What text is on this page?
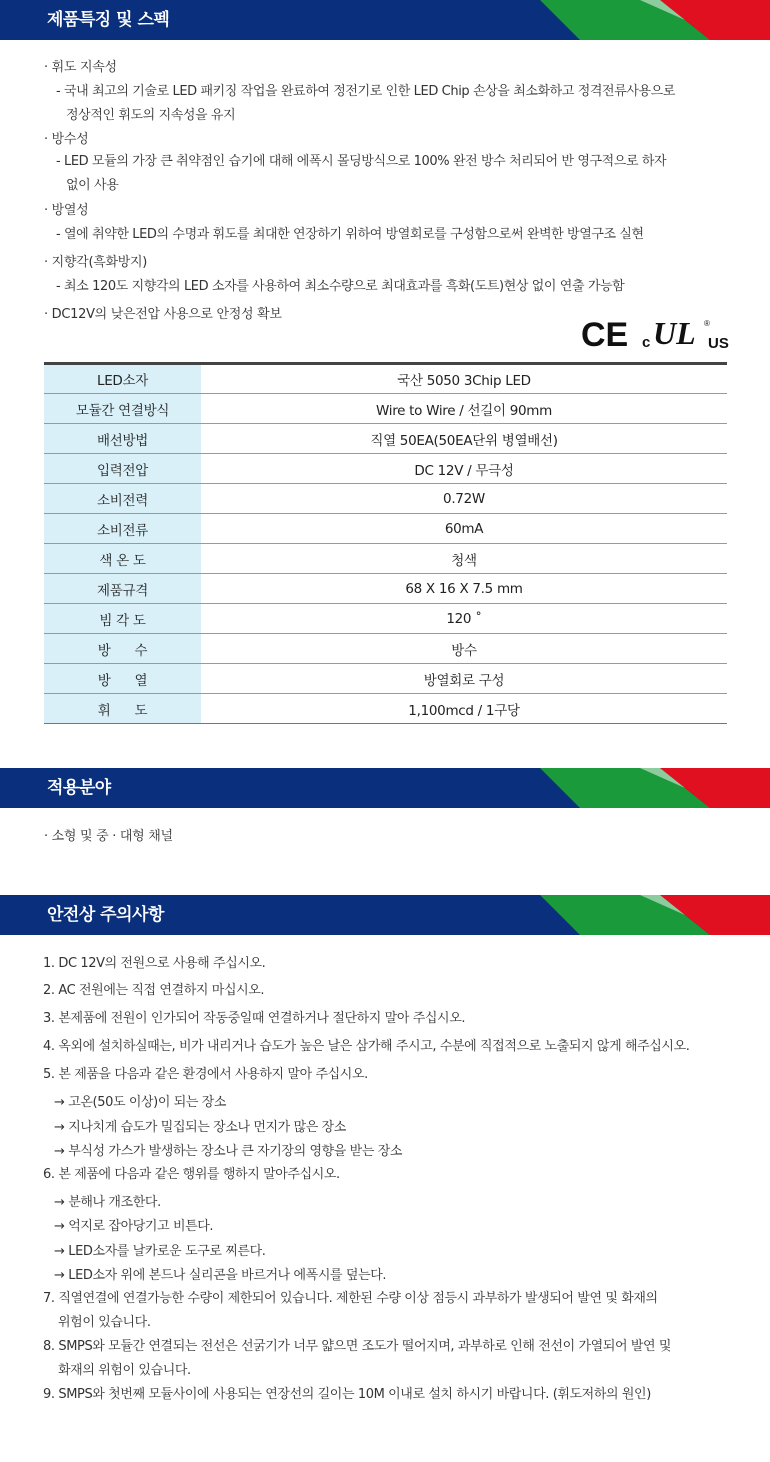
제품특징 및 스펙
· 휘도 지속성
- 국내 최고의 기술로 LED 패키징 작업을 완료하여 정전기로 인한 LED Chip 손상을 최소화하고 정격전류사용으로
정상적인 휘도의 지속성을 유지
· 방수성
- LED 모듈의 가장 큰 취약점인 습기에 대해 에폭시 몰딩방식으로 100% 완전 방수 처리되어 반 영구적으로 하자
없이 사용
· 방열성
- 열에 취약한 LED의 수명과 휘도를 최대한 연장하기 위하여 방열회로를 구성함으로써 완벽한 방열구조 실현
· 지향각(흑화방지)
- 최소 120도 지향각의 LED 소자를 사용하여 최소수량으로 최대효과를 흑화(도트)현상 없이 연출 가능함
· DC12V의 낮은전압 사용으로 안정성 확보
CE c UL ®
US
LED소자	국산 5050 3Chip LED
모듈간 연결방식	Wire to Wire / 선길이 90mm
배선방법	직열 50EA(50EA단위 병열배선)
입력전압	DC 12V / 무극성
소비전력	0.72W
소비전류	60mA
색 온 도	청색
제품규격	68 X 16 X 7.5 mm
빔 각 도	120 ˚
방      수	방수
방      열	방열회로 구성
휘      도	1,100mcd / 1구당
적용분야
· 소형 및 중 · 대형 채널
안전상 주의사항
1. DC 12V의 전원으로 사용해 주십시오.
2. AC 전원에는 직접 연결하지 마십시오.
3. 본제품에 전원이 인가되어 작동중일때 연결하거나 절단하지 말아 주십시오.
4. 옥외에 설치하실때는, 비가 내리거나 습도가 높은 날은 삼가해 주시고, 수분에 직접적으로 노출되지 않게 해주십시오.
5. 본 제품을 다음과 같은 환경에서 사용하지 말아 주십시오.
→ 고온(50도 이상)이 되는 장소
→ 지나치게 습도가 밀집되는 장소나 먼지가 많은 장소
→ 부식성 가스가 발생하는 장소나 큰 자기장의 영향을 받는 장소
6. 본 제품에 다음과 같은 행위를 행하지 말아주십시오.
→ 분해나 개조한다.
→ 억지로 잡아당기고 비튼다.
→ LED소자를 날카로운 도구로 찌른다.
→ LED소자 위에 본드나 실리콘을 바르거나 에폭시를 덮는다.
7. 직열연결에 연결가능한 수량이 제한되어 있습니다. 제한된 수량 이상 점등시 과부하가 발생되어 발연 및 화재의
위험이 있습니다.
8. SMPS와 모듈간 연결되는 전선은 선굵기가 너무 얇으면 조도가 떨어지며, 과부하로 인해 전선이 가열되어 발연 및
화재의 위험이 있습니다.
9. SMPS와 첫번째 모듈사이에 사용되는 연장선의 길이는 10M 이내로 설치 하시기 바랍니다. (휘도저하의 원인)
